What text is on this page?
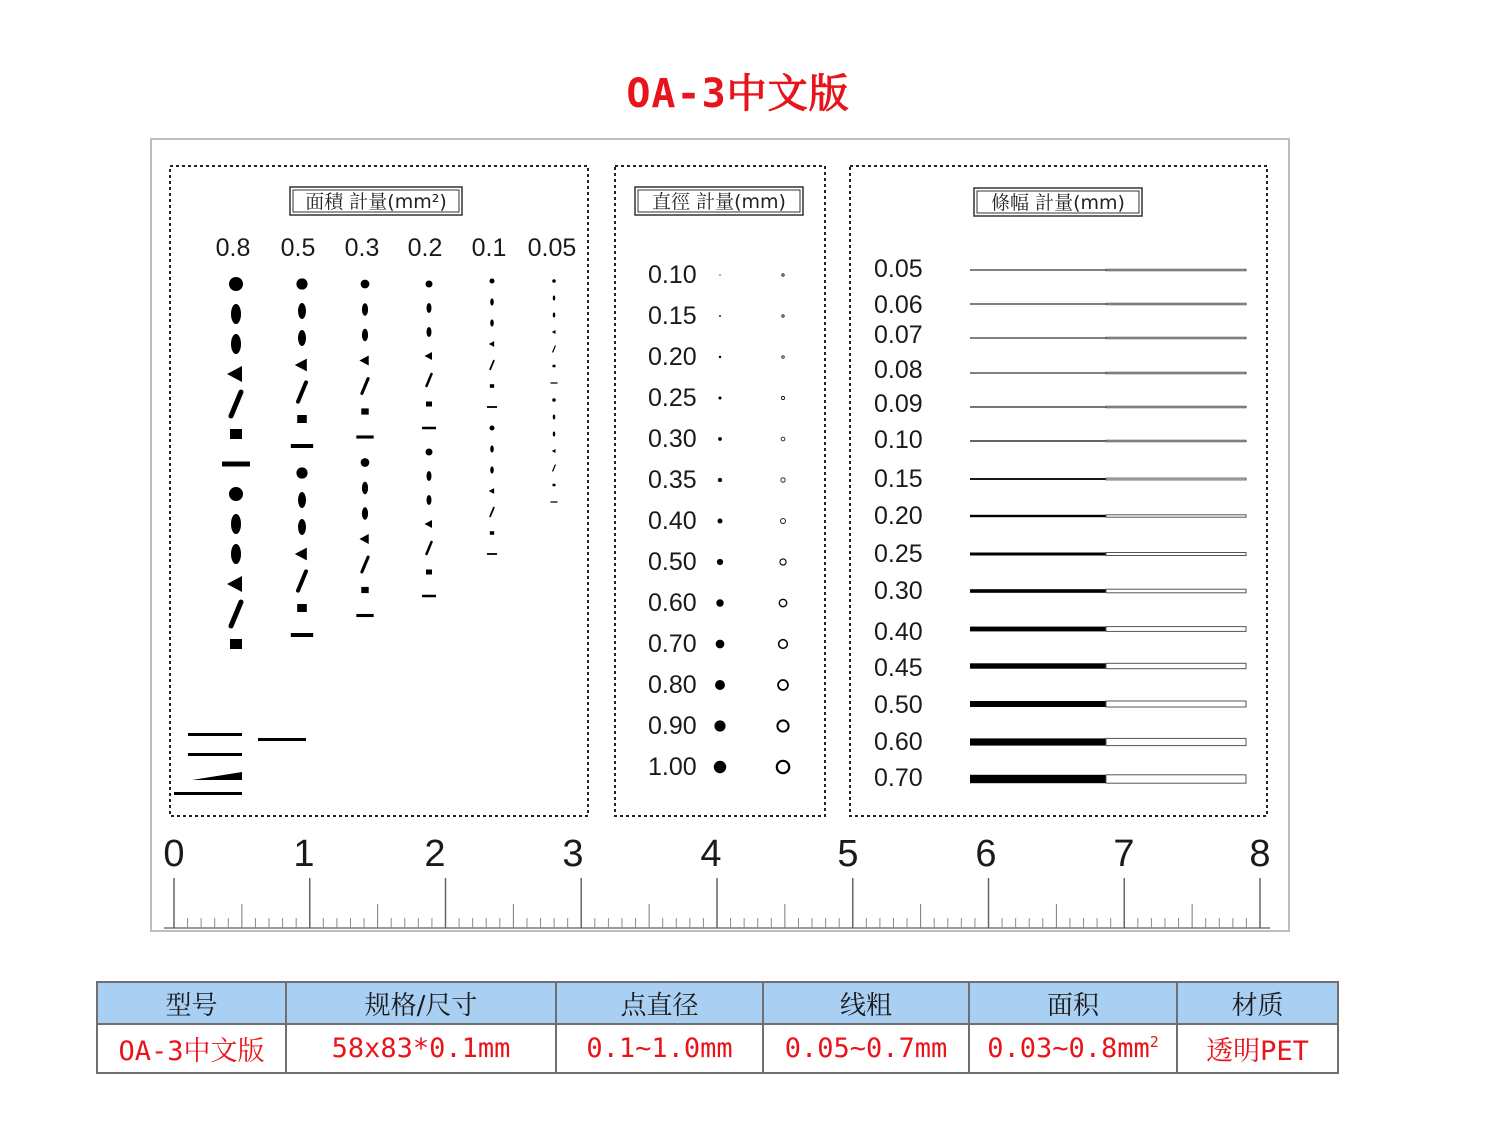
OA-3中文版
面積 計量(mm²)	直徑 計量(mm)	條幅 計量(mm)
0.8 0.5 0.3 0.2 0.1 0.05
0.10
0.15
0.20
0.25
0.30
0.35
0.40
0.50
0.60
0.70
0.80
0.90
1.00
0.05
0.06
0.07
0.08
0.09
0.10
0.15
0.20
0.25
0.30
0.40
0.45
0.50
0.60
0.70
0	1	2	3	4	5	6	7	8
型号	规格/尺寸	点直径	线粗	面积	材质
OA-3中文版	58x83*0.1mm	0.1~1.0mm	0.05~0.7mm	$0.03\sim 0.8mm^2$	透明PET
